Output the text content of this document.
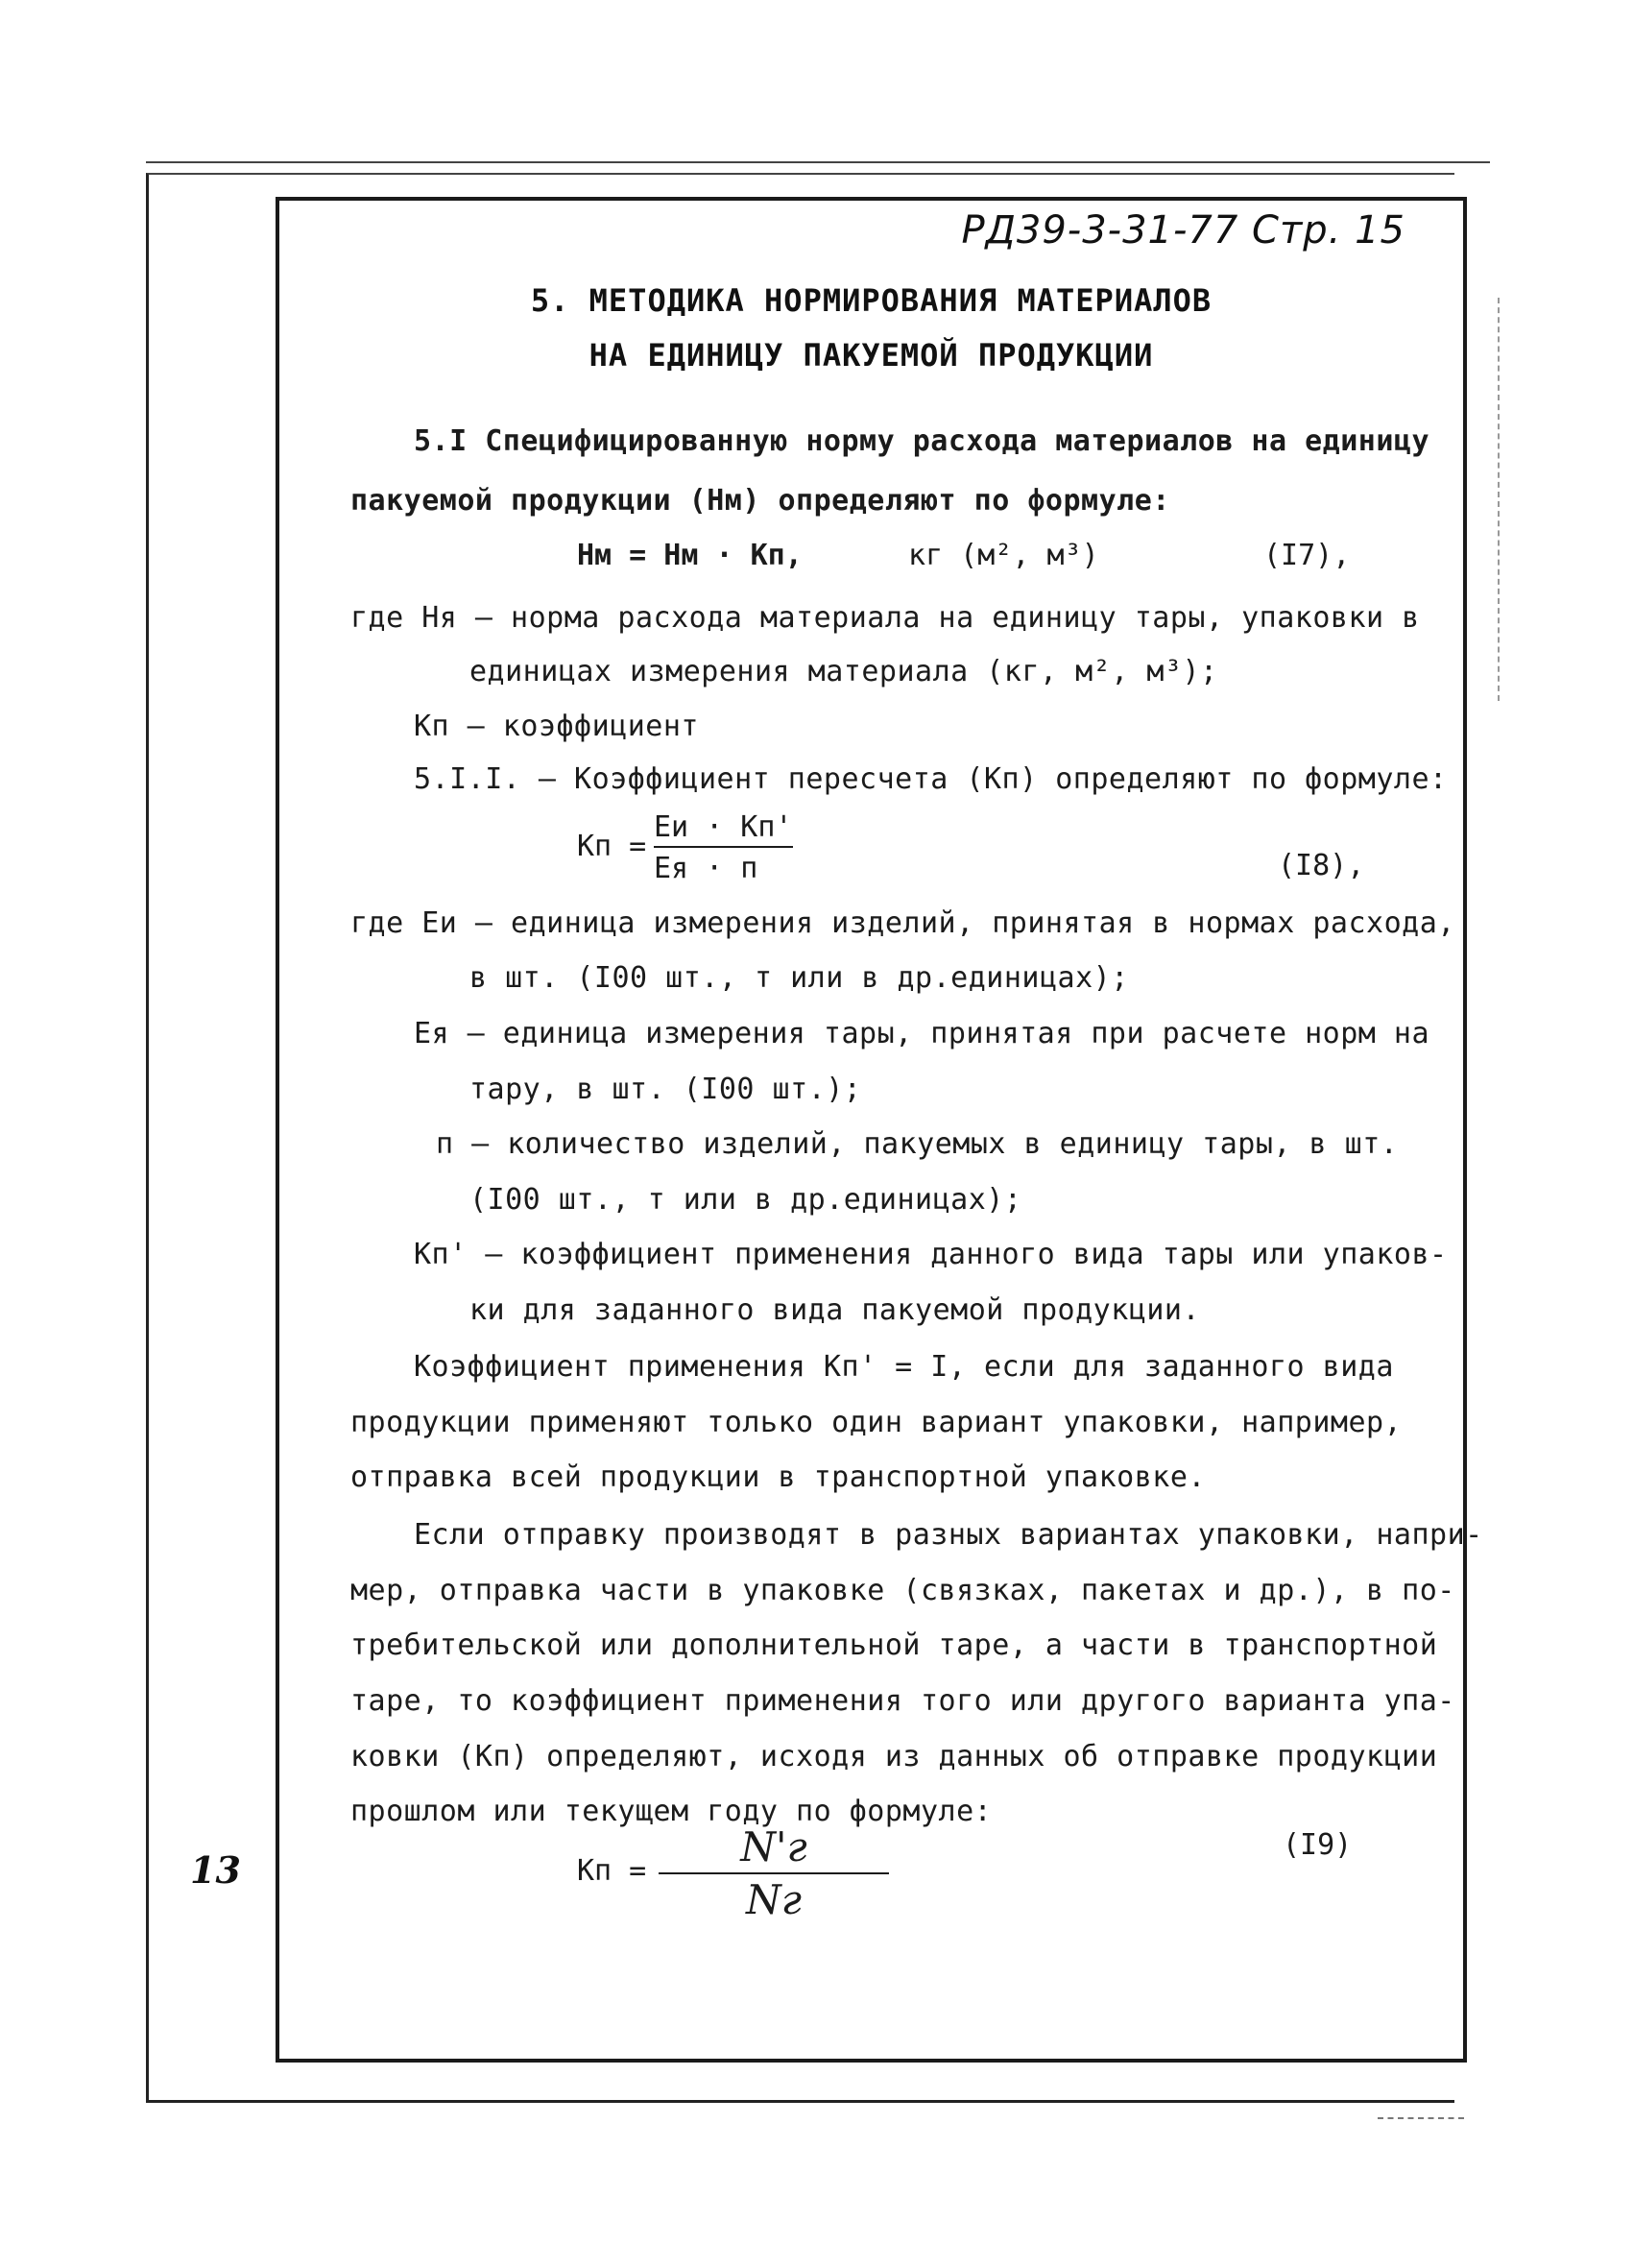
13
РД39-3-31-77 Стр. 15
5. МЕТОДИКА НОРМИРОВАНИЯ МАТЕРИАЛОВ
НА ЕДИНИЦУ ПАКУЕМОЙ ПРОДУКЦИИ
5.I Специфицированную норму расхода материалов на единицу
пакуемой продукции (Нм) определяют по формуле:
Нм = Нм · Кп,	кг (м², м³)	(I7),
где Ня – норма расхода материала на единицу тары, упаковки в
единицах измерения материала (кг, м², м³);
Кп – коэффициент
5.I.I. – Коэффициент пересчета (Кп) определяют по формуле:
Кп =
Еи · Кп'
Ея · п	(I8),
где Еи – единица измерения изделий, принятая в нормах расхода,
в шт. (I00 шт., т или в др.единицах);
Ея – единица измерения тары, принятая при расчете норм на
тару, в шт. (I00 шт.);
п – количество изделий, пакуемых в единицу тары, в шт.
(I00 шт., т или в др.единицах);
Кп' – коэффициент применения данного вида тары или упаков-
ки для заданного вида пакуемой продукции.
Коэффициент применения Кп' = I, если для заданного вида
продукции применяют только один вариант упаковки, например,
отправка всей продукции в транспортной упаковке.
Если отправку производят в разных вариантах упаковки, напри-
мер, отправка части в упаковке (связках, пакетах и др.), в по-
требительской или дополнительной таре, а части в транспортной
таре, то коэффициент применения того или другого варианта упа-
ковки (Кп) определяют, исходя из данных об отправке продукции
прошлом или текущем году по формуле:
Кп =
N'г
Nг
(I9)
